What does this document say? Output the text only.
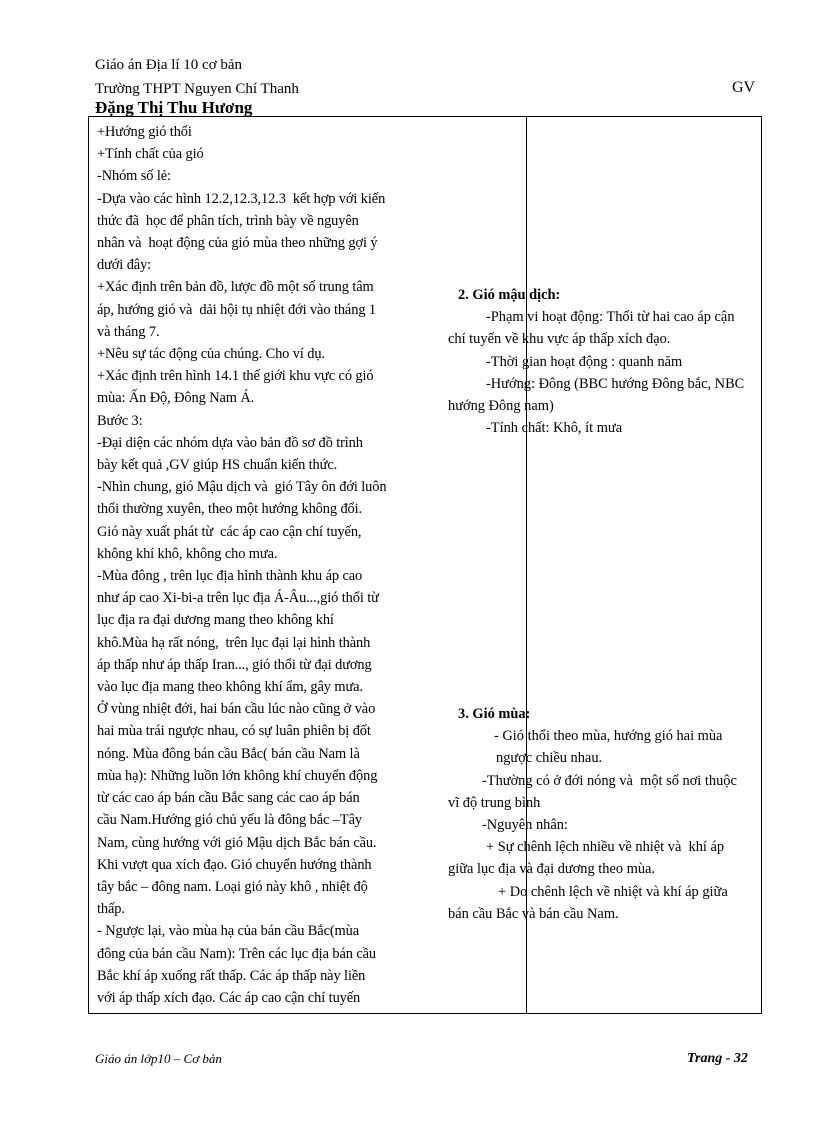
Giáo án Địa lí 10 cơ bản
Trường THPT Nguyen Chí Thanh
Đặng Thị Thu Hương
GV

+Hướng gió thổi

+Tính chất của gió

-Nhóm số lẻ:

-Dựa vào các hình 12.2,12.3,12.3  kết hợp với kiến

thức đã  học để phân tích, trình bày về nguyên

nhân và  hoạt động của gió mùa theo những gợi ý

dưới đây:

+Xác định trên bản đồ, lược đồ một số trung tâm

áp, hướng gió và  dải hội tụ nhiệt đới vào tháng 1

và tháng 7.

+Nêu sự tác động của chúng. Cho ví dụ.

+Xác định trên hình 14.1 thế giới khu vực có gió

mùa: Ấn Độ, Đông Nam Á.

Bước 3:

-Đại diện các nhóm dựa vào bản đồ sơ đồ trình

bày kết quả ,GV giúp HS chuẩn kiến thức.

-Nhìn chung, gió Mậu dịch và  gió Tây ôn đới luôn

thổi thường xuyên, theo một hướng không đổi.

Gió này xuất phát từ  các áp cao cận chí tuyến,

không khí khô, không cho mưa.

-Mùa đông , trên lục địa hình thành khu áp cao

như áp cao Xi-bi-a trên lục địa Á-Âu...,gió thổi từ

lục địa ra đại dương mang theo không khí

khô.Mùa hạ rất nóng,  trên lục đại lại hình thành

áp thấp như áp thấp Iran..., gió thổi từ đại dương

vào lục địa mang theo không khí ẩm, gây mưa.

Ở vùng nhiệt đới, hai bán cầu lúc nào cũng ở vào

hai mùa trái ngược nhau, có sự luân phiên bị đốt

nóng. Mùa đông bán cầu Bắc( bán cầu Nam là

mùa hạ): Những luồn lớn không khí chuyển động

từ các cao áp bán cầu Bắc sang các cao áp bán

cầu Nam.Hướng gió chủ yếu là đông bắc –Tây

Nam, cùng hướng với gió Mậu dịch Bắc bán cầu.

Khi vượt qua xích đạo. Gió chuyển hướng thành

tây bắc – đông nam. Loại gió này khô , nhiệt độ

thấp.

- Ngược lại, vào mùa hạ của bán cầu Bắc(mùa

đông của bán cầu Nam): Trên các lục địa bán cầu

Bắc khí áp xuống rất thấp. Các áp thấp này liền

với áp thấp xích đạo. Các áp cao cận chí tuyến

2. Gió mậu dịch:

-Phạm vi hoạt động: Thổi từ hai cao áp cận

chí tuyến về khu vực áp thấp xích đạo.

-Thời gian hoạt động : quanh năm

-Hướng: Đông (BBC hướng Đông bắc, NBC

hướng Đông nam)

-Tính chất: Khô, ít mưa

3. Gió mùa:

- Gió thổi theo mùa, hướng gió hai mùa

ngược chiều nhau.

-Thường có ở đới nóng và  một số nơi thuộc

vĩ độ trung bình

-Nguyên nhân:

+ Sự chênh lệch nhiều về nhiệt và  khí áp

giữa lục địa và đại dương theo mùa.

+ Do chênh lệch về nhiệt và khí áp giữa

bán cầu Bắc và bán cầu Nam.

Giáo án lớp10 – Cơ bản	Trang - 32
